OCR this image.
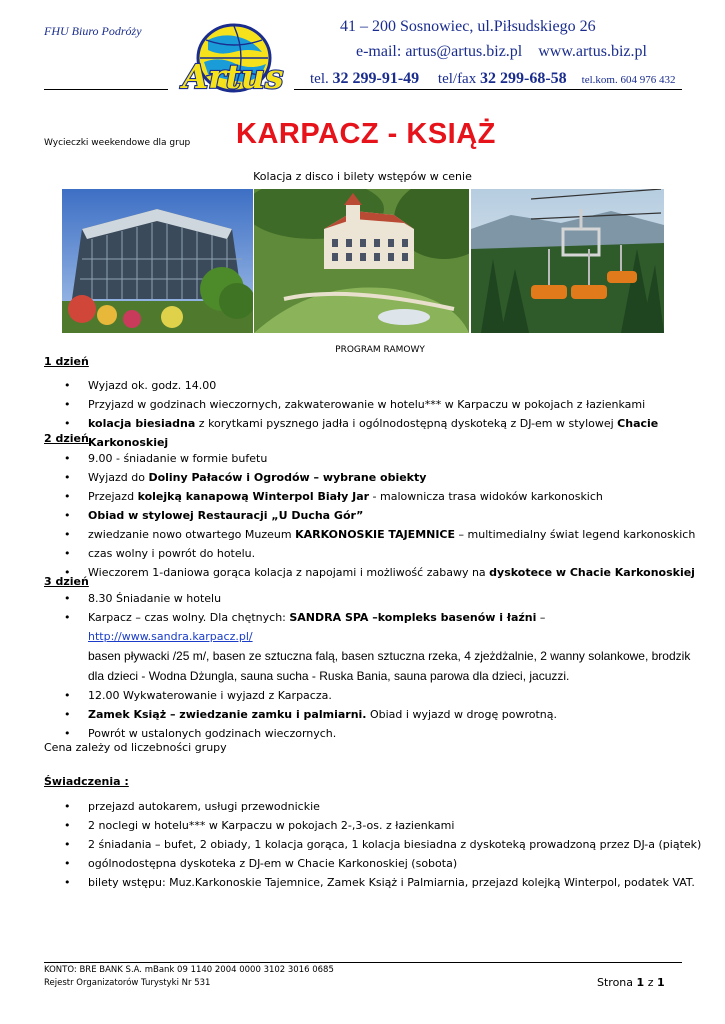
FHU Biuro Podróży
Artus
41 – 200 Sosnowiec, ul.Piłsudskiego 26
e-mail: artus@artus.biz.pl www.artus.biz.pl
tel. 32 299-91-49 tel/fax 32 299-68-58 tel.kom. 604 976 432
Wycieczki weekendowe dla grup KARPACZ - KSIĄŻ
Kolacja z disco i bilety wstępów w cenie
PROGRAM RAMOWY
1 dzień
• Wyjazd ok. godz. 14.00
• Przyjazd w godzinach wieczornych, zakwaterowanie w hotelu*** w Karpaczu w pokojach z łazienkami
• kolacja biesiadna z korytkami pysznego jadła i ogólnodostępną dyskoteką z DJ-em w stylowej Chacie Karkonoskiej
2 dzień
• 9.00 - śniadanie w formie bufetu
• Wyjazd do Doliny Pałaców i Ogrodów – wybrane obiekty
• Przejazd kolejką kanapową Winterpol Biały Jar - malownicza trasa widoków karkonoskich
• Obiad w stylowej Restauracji „U Ducha Gór”
• zwiedzanie nowo otwartego Muzeum KARKONOSKIE TAJEMNICE – multimedialny świat legend karkonoskich
• czas wolny i powrót do hotelu.
• Wieczorem 1-daniowa gorąca kolacja z napojami i możliwość zabawy na dyskotece w Chacie Karkonoskiej
3 dzień
• 8.30 Śniadanie w hotelu
• Karpacz – czas wolny. Dla chętnych: SANDRA SPA –kompleks basenów i łaźni – http://www.sandra.karpacz.pl/
basen pływacki /25 m/, basen ze sztuczna falą, basen sztuczna rzeka, 4 zjeżdżalnie, 2 wanny solankowe, brodzik dla dzieci - Wodna Dżungla, sauna sucha - Ruska Bania, sauna parowa dla dzieci, jacuzzi.
• 12.00 Wykwaterowanie i wyjazd z Karpacza.
• Zamek Książ – zwiedzanie zamku i palmiarni. Obiad i wyjazd w drogę powrotną.
• Powrót w ustalonych godzinach wieczornych.
Cena zależy od liczebności grupy
Świadczenia :
• przejazd autokarem, usługi przewodnickie
• 2 noclegi w hotelu*** w Karpaczu w pokojach 2-,3-os. z łazienkami
• 2 śniadania – bufet, 2 obiady, 1 kolacja gorąca, 1 kolacja biesiadna z dyskoteką prowadzoną przez DJ-a (piątek)
• ogólnodostępna dyskoteka z DJ-em w Chacie Karkonoskiej (sobota)
• bilety wstępu: Muz.Karkonoskie Tajemnice, Zamek Książ i Palmiarnia, przejazd kolejką Winterpol, podatek VAT.
KONTO: BRE BANK S.A. mBank 09 1140 2004 0000 3102 3016 0685
Rejestr Organizatorów Turystyki Nr 531	Strona 1 z 1
